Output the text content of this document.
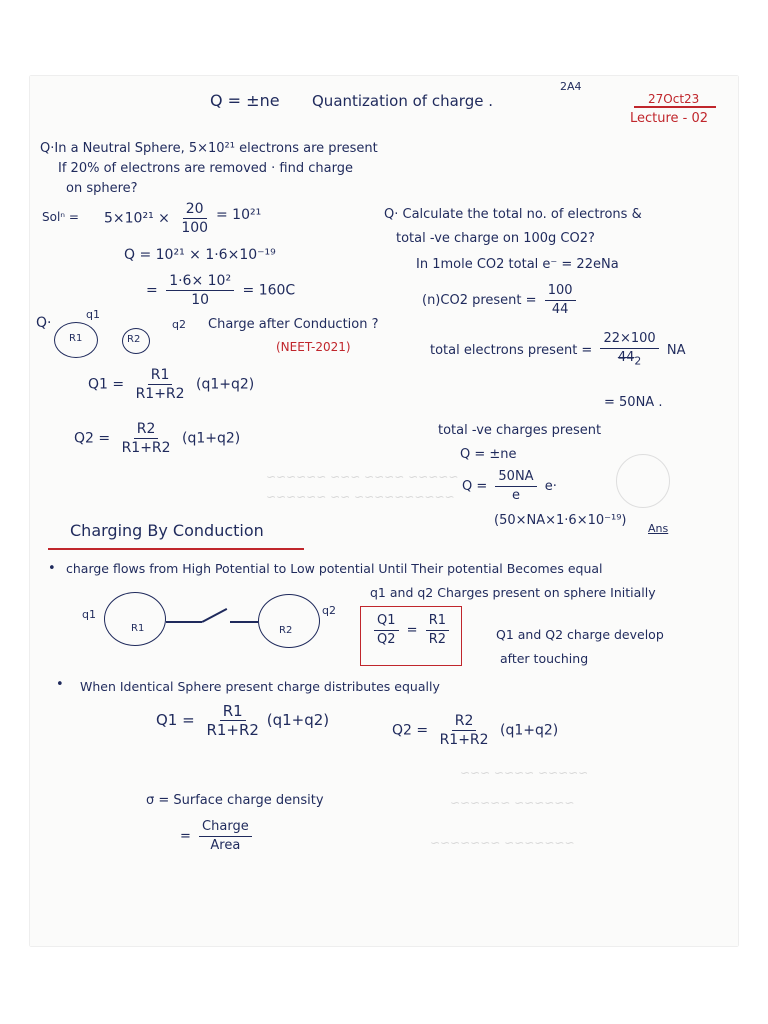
Q = ±ne Quantization of charge .
2A4
27Oct23
Lecture - 02
Q·In a Neutral Sphere, 5×10²¹ electrons are present
If 20% of electrons are removed · find charge
on sphere?
$Sol^n = 5\times 10^{21} \times \frac{20}{100} = 10^{21}$
Q = 10²¹ × 1·6×10⁻¹⁹
= $\frac{\text{1·6× 10²}}{10} = 160C$
Q· Calculate the total no. of electrons &
total -ve charge on 100g CO2?
In 1mole CO2 total e⁻ = 22eNa
(n)CO2 present = $\frac{100}{44}$
total electrons present = $\frac{22\times 100}{44_2}$ NA
= 50NA .
total -ve charges present
Q = ±ne
$Q = \frac{50NA}{e} e\cdot$
(50×NA×1·6×10⁻¹⁹)
Ans
Q·
q1
R1	R2
q2 Charge after Conduction ?
(NEET-2021)
$Q1 = \frac{R1}{R1+R2} (q1+q2)$
$Q2 = \frac{R2}{R1+R2} (q1+q2)$
~~~~~ ~~~~ ~~~ ~~~~~~
~~~~~~~~~~ ~~ ~~~~~~
Charging By Conduction
• charge flows from High Potential to Low potential Until Their potential Becomes equal
q1 and q2 Charges present on sphere Initially
q1
R1	R2
q2
$\frac{Q1}{Q2} = \frac{R1}{R2}$	Q1 and Q2 charge develop
after touching
• When Identical Sphere present charge distributes equally
$Q1 = \frac{R1}{R1+R2} (q1+q2)$
$Q2 = \frac{R2}{R1+R2} (q1+q2)$
~~~~~ ~~~~ ~~~
~~~~~~ ~~~~~~
~~~~~~~ ~~~~~~~
σ = Surface charge density
= $\frac{\text{Charge}}{\text{Area}}$
